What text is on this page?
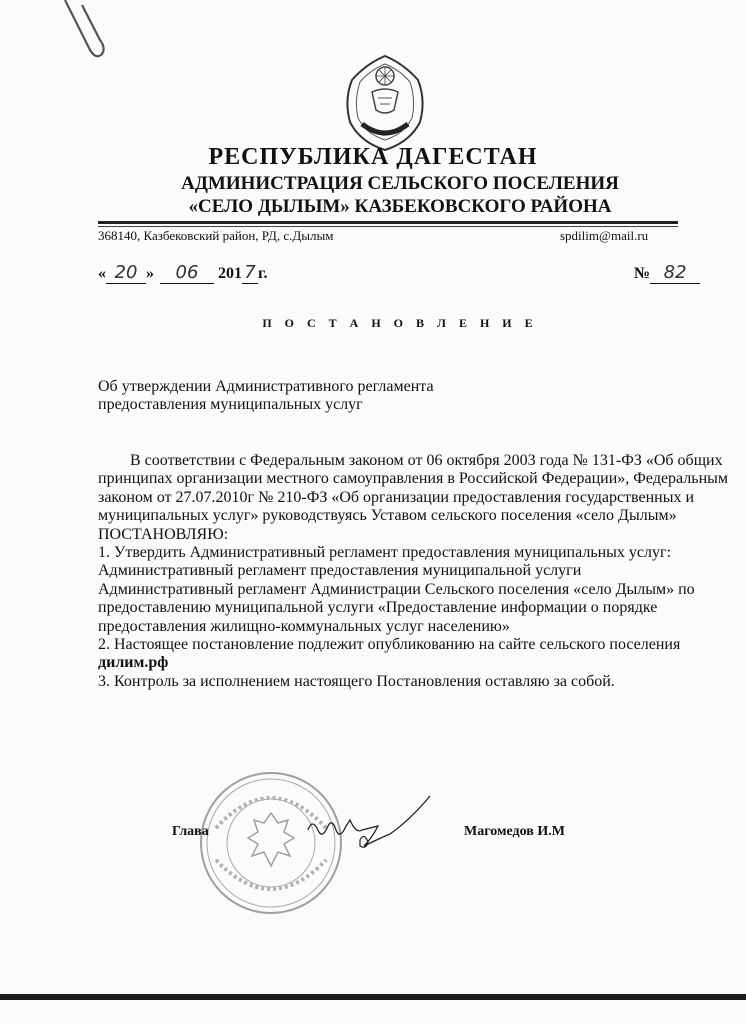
РЕСПУБЛИКА ДАГЕСТАН
АДМИНИСТРАЦИЯ СЕЛЬСКОГО ПОСЕЛЕНИЯ
«СЕЛО ДЫЛЫМ» КАЗБЕКОВСКОГО РАЙОНА
368140, Казбековский район, РД, с.Дылым	spdilim@mail.ru
« 20 » 06 201 7 г.	№ 82
П О С Т А Н О В Л Е Н И Е
Об утверждении Административного регламента
предоставления муниципальных услуг

В соответствии с Федеральным законом от 06 октября 2003 года № 131-ФЗ «Об общих принципах организации местного самоуправления в Российской Федерации», Федеральным законом от 27.07.2010г № 210-ФЗ «Об организации предоставления государственных и муниципальных услуг» руководствуясь Уставом сельского поселения «село Дылым»

ПОСТАНОВЛЯЮ:

1. Утвердить Административный регламент предоставления муниципальных услуг:

Административный регламент предоставления муниципальной услуги

Административный регламент Администрации Сельского поселения «село Дылым» по предоставлению муниципальной услуги «Предоставление информации о порядке предоставления жилищно-коммунальных услуг населению»

2. Настоящее постановление подлежит опубликованию на сайте сельского поселения

дилим.рф

3. Контроль за исполнением настоящего Постановления оставляю за собой.

Глава	Магомедов И.М
